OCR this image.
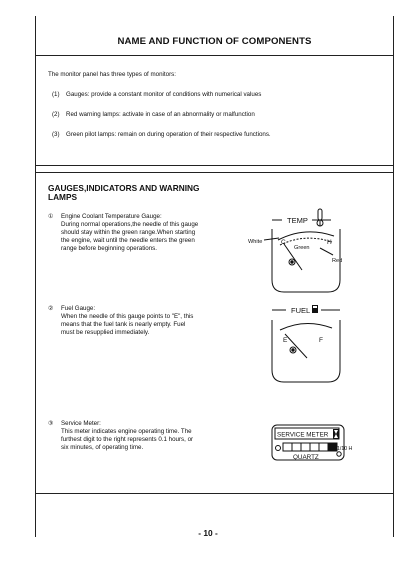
NAME AND FUNCTION OF COMPONENTS
The monitor panel has three types of monitors:
(1) Gauges: provide a constant monitor of conditions with numerical values
(2) Red warning lamps: activate in case of an abnormality or malfunction
(3) Green pilot lamps: remain on during operation of their respective functions.
GAUGES,INDICATORS AND WARNING
LAMPS
① Engine Coolant Temperature Gauge:
During normal operations,the needle of this gauge
should stay within the green range.When starting
the engine, wait until the needle enters the green
range before beginning operations.
② Fuel Gauge:
When the needle of this gauge points to "E", this
means that the fuel tank is nearly empty. Fuel
must be resupplied immediately.
③ Service Meter:
This meter indicates engine operating time. The
furthest digit to the right represents 0.1 hours, or
six minutes, of operating time.
TEMP
C	H
White
Green
Red
FUEL
E	F
SERVICE METER
1/10 H
QUARTZ
- 10 -
